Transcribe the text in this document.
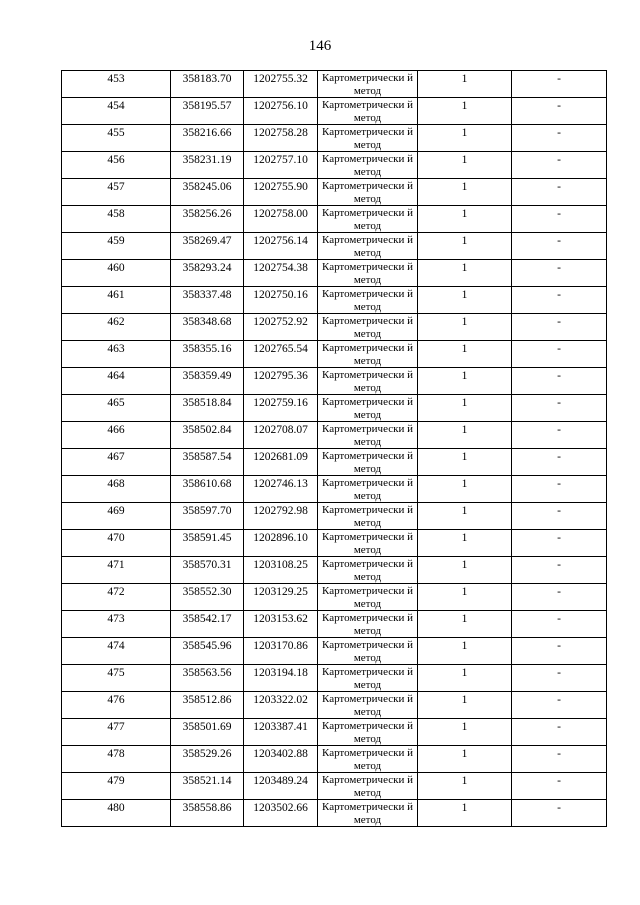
146
453	358183.70	1202755.32	Картометрически й метод	1	-
454	358195.57	1202756.10	Картометрически й метод	1	-
455	358216.66	1202758.28	Картометрически й метод	1	-
456	358231.19	1202757.10	Картометрически й метод	1	-
457	358245.06	1202755.90	Картометрически й метод	1	-
458	358256.26	1202758.00	Картометрически й метод	1	-
459	358269.47	1202756.14	Картометрически й метод	1	-
460	358293.24	1202754.38	Картометрически й метод	1	-
461	358337.48	1202750.16	Картометрически й метод	1	-
462	358348.68	1202752.92	Картометрически й метод	1	-
463	358355.16	1202765.54	Картометрически й метод	1	-
464	358359.49	1202795.36	Картометрически й метод	1	-
465	358518.84	1202759.16	Картометрически й метод	1	-
466	358502.84	1202708.07	Картометрически й метод	1	-
467	358587.54	1202681.09	Картометрически й метод	1	-
468	358610.68	1202746.13	Картометрически й метод	1	-
469	358597.70	1202792.98	Картометрически й метод	1	-
470	358591.45	1202896.10	Картометрически й метод	1	-
471	358570.31	1203108.25	Картометрически й метод	1	-
472	358552.30	1203129.25	Картометрически й метод	1	-
473	358542.17	1203153.62	Картометрически й метод	1	-
474	358545.96	1203170.86	Картометрически й метод	1	-
475	358563.56	1203194.18	Картометрически й метод	1	-
476	358512.86	1203322.02	Картометрически й метод	1	-
477	358501.69	1203387.41	Картометрически й метод	1	-
478	358529.26	1203402.88	Картометрически й метод	1	-
479	358521.14	1203489.24	Картометрически й метод	1	-
480	358558.86	1203502.66	Картометрически й метод	1	-
